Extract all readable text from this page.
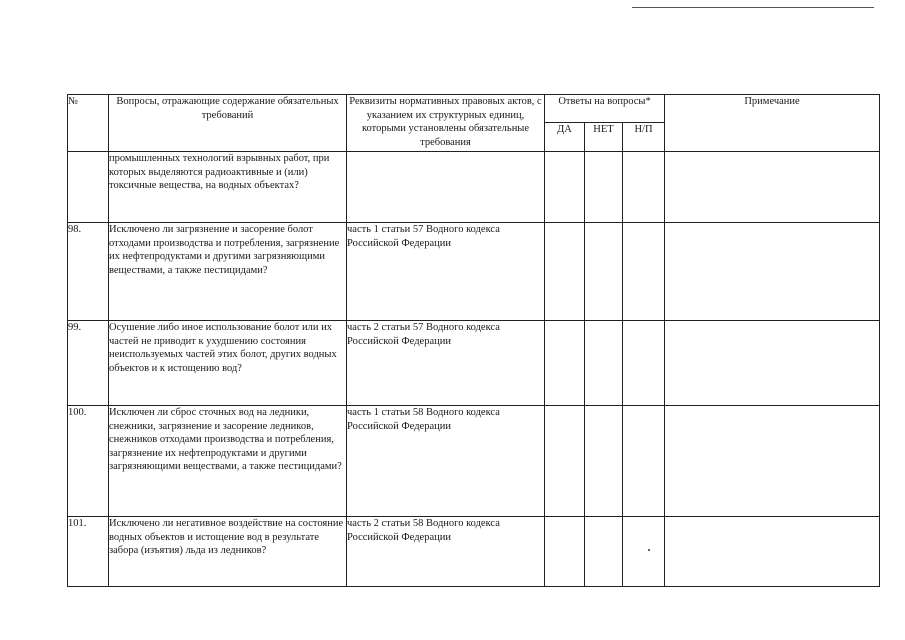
№	Вопросы, отражающие содержание обязательных требований	Реквизиты нормативных правовых актов, с указанием их структурных единиц, которыми установлены обязательные требования	Ответы на вопросы*			Примечание
			ДА	НЕТ	Н/П	
	промышленных технологий взрывных работ, при которых выделяются радиоактивные и (или) токсичные вещества, на водных объектах?					
98.	Исключено ли загрязнение и засорение болот отходами производства и потребления, загрязнение их нефтепродуктами и другими загрязняющими веществами, а также пестицидами?	часть 1 статьи 57 Водного кодекса Российской Федерации				
99.	Осушение либо иное использование болот или их частей не приводит к ухудшению состояния неиспользуемых частей этих болот, других водных объектов и к истощению вод?	часть 2 статьи 57 Водного кодекса Российской Федерации				
100.	Исключен ли сброс сточных вод на ледники, снежники, загрязнение и засорение ледников, снежников отходами производства и потребления, загрязнение их нефтепродуктами и другими загрязняющими веществами, а также пестицидами?	часть 1 статьи 58 Водного кодекса Российской Федерации				
101.	Исключено ли негативное воздействие на состояние водных объектов и истощение вод в результате забора (изъятия) льда из ледников?	часть 2 статьи 58 Водного кодекса Российской Федерации			
